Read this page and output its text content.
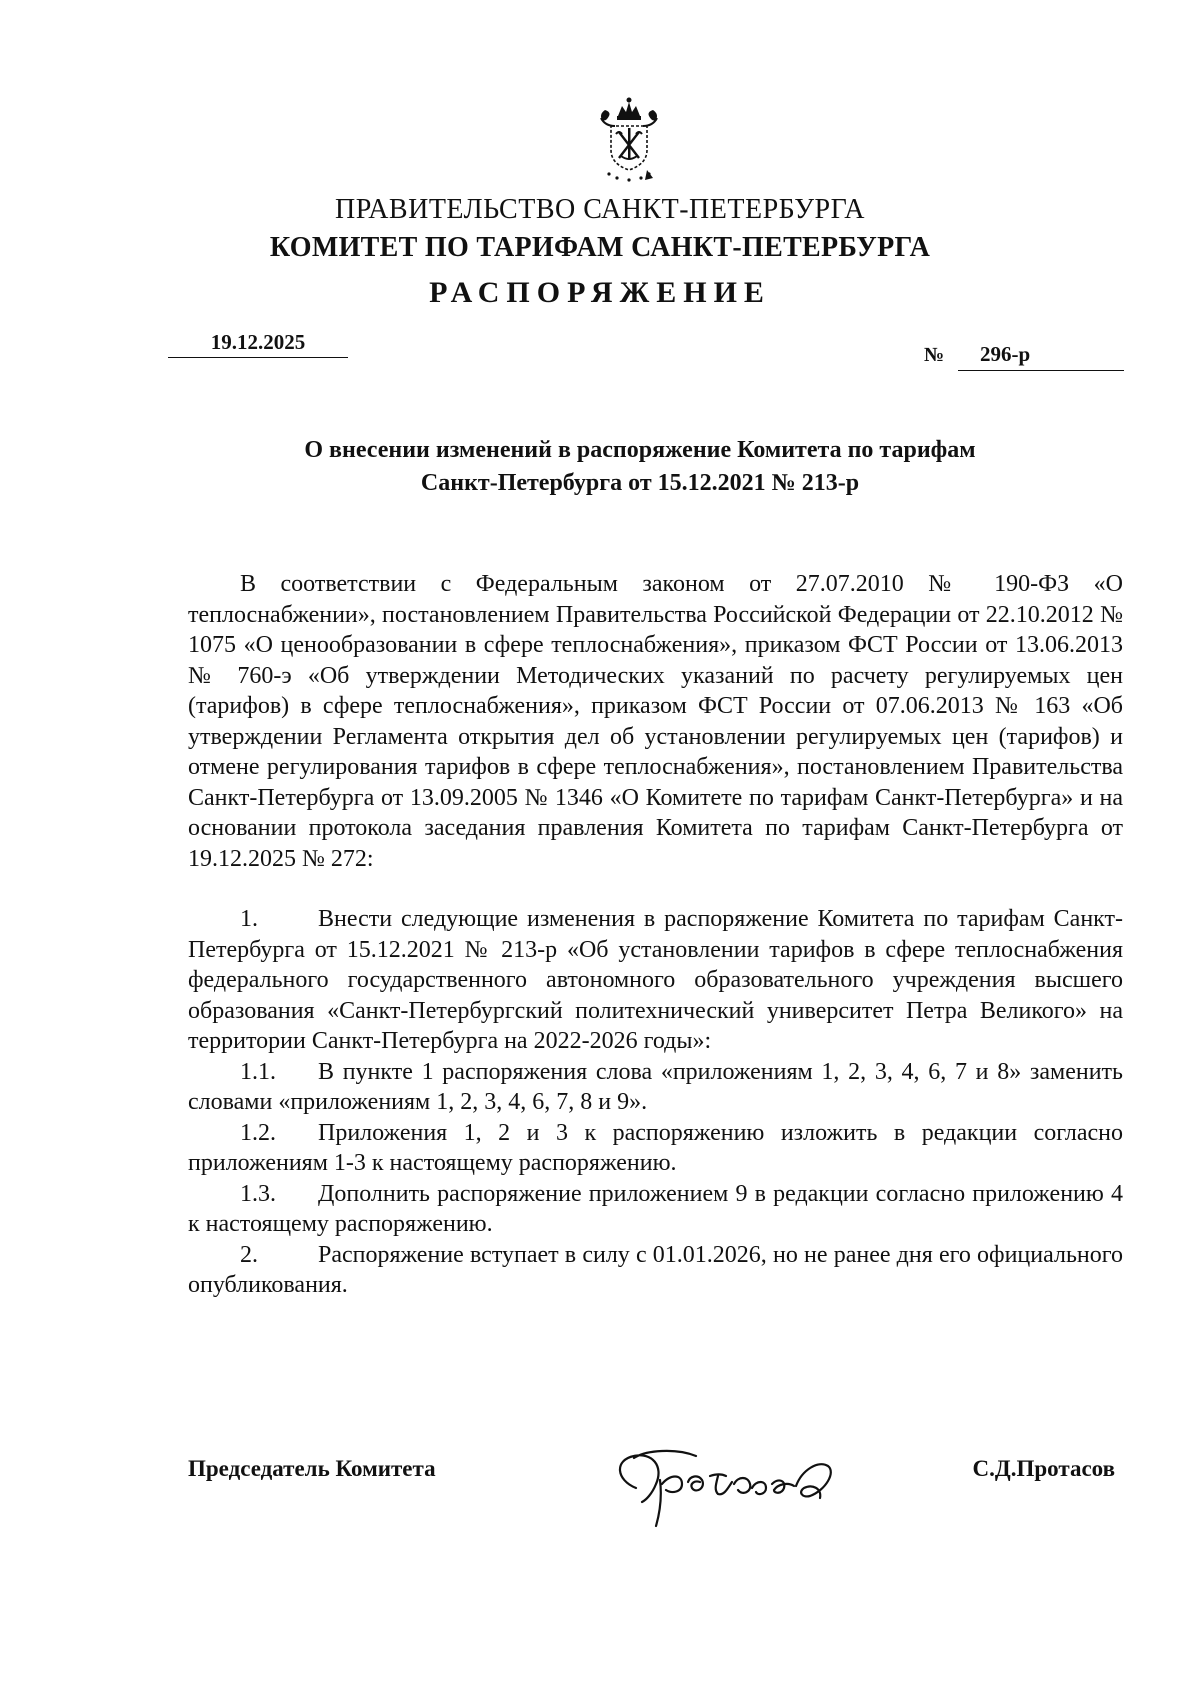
ПРАВИТЕЛЬСТВО САНКТ-ПЕТЕРБУРГА
КОМИТЕТ ПО ТАРИФАМ САНКТ-ПЕТЕРБУРГА
РАСПОРЯЖЕНИЕ
19.12.2025
№ 296-р
О внесении изменений в распоряжение Комитета по тарифам
Санкт-Петербурга от 15.12.2021 № 213-р

В соответствии с Федеральным законом от 27.07.2010 № 190-ФЗ «О теплоснабжении», постановлением Правительства Российской Федерации от 22.10.2012 № 1075 «О ценообразовании в сфере теплоснабжения», приказом ФСТ России от 13.06.2013 № 760-э «Об утверждении Методических указаний по расчету регулируемых цен (тарифов) в сфере теплоснабжения», приказом ФСТ России от 07.06.2013 № 163 «Об утверждении Регламента открытия дел об установлении регулируемых цен (тарифов) и отмене регулирования тарифов в сфере теплоснабжения», постановлением Правительства Санкт-Петербурга от 13.09.2005 № 1346 «О Комитете по тарифам Санкт-Петербурга» и на основании протокола заседания правления Комитета по тарифам Санкт-Петербурга от 19.12.2025 № 272:

1.	Внести следующие изменения в распоряжение Комитета по тарифам Санкт-Петербурга от 15.12.2021 № 213-р «Об установлении тарифов в сфере теплоснабжения федерального государственного автономного образовательного учреждения высшего образования «Санкт-Петербургский политехнический университет Петра Великого» на территории Санкт-Петербурга на 2022-2026 годы»:

1.1. В пункте 1 распоряжения слова «приложениям 1, 2, 3, 4, 6, 7 и 8» заменить словами «приложениям 1, 2, 3, 4, 6, 7, 8 и 9».

1.2. Приложения 1, 2 и 3 к распоряжению изложить в редакции согласно приложениям 1-3 к настоящему распоряжению.

1.3. Дополнить распоряжение приложением 9 в редакции согласно приложению 4 к настоящему распоряжению.

2.	Распоряжение вступает в силу с 01.01.2026, но не ранее дня его официального опубликования.

Председатель Комитета	С.Д.Протасов
